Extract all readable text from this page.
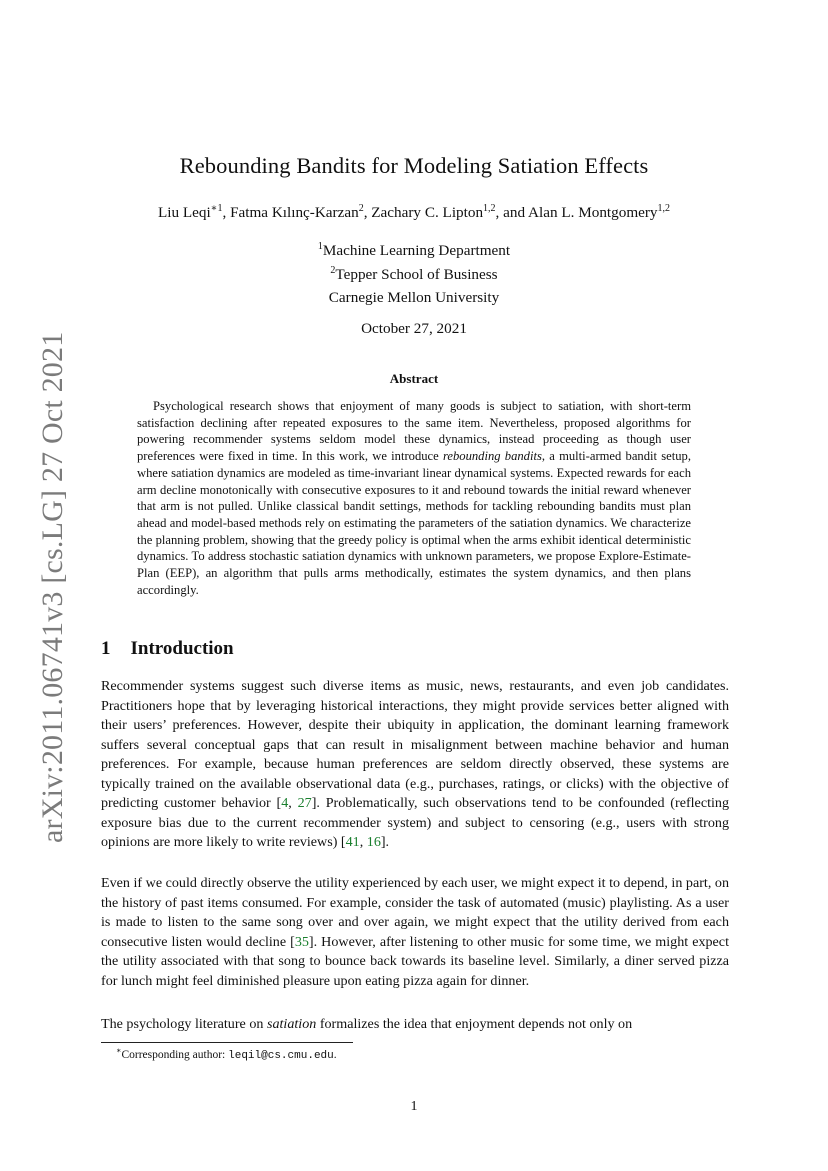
arXiv:2011.06741v3 [cs.LG] 27 Oct 2021
Rebounding Bandits for Modeling Satiation Effects
Liu Leqi$^{∗1}$, Fatma Kılınç-Karzan$^2$, Zachary C. Lipton$^{1,2}$, and Alan L. Montgomery$^{1,2}$
$^1$Machine Learning Department
$^2$Tepper School of Business
Carnegie Mellon University
October 27, 2021
Abstract
Psychological research shows that enjoyment of many goods is subject to satiation, with short-term satisfaction declining after repeated exposures to the same item. Nevertheless, proposed algorithms for powering recommender systems seldom model these dynamics, instead proceeding as though user preferences were fixed in time. In this work, we introduce rebounding bandits, a multi-armed bandit setup, where satiation dynamics are modeled as time-invariant linear dynamical systems. Expected rewards for each arm decline monotonically with consecutive exposures to it and rebound towards the initial reward whenever that arm is not pulled. Unlike classical bandit settings, methods for tackling rebounding bandits must plan ahead and model-based methods rely on estimating the parameters of the satiation dynamics. We characterize the planning problem, showing that the greedy policy is optimal when the arms exhibit identical deterministic dynamics. To address stochastic satiation dynamics with unknown parameters, we propose Explore-Estimate-Plan (EEP), an algorithm that pulls arms methodically, estimates the system dynamics, and then plans accordingly.
1 Introduction
Recommender systems suggest such diverse items as music, news, restaurants, and even job candidates. Practitioners hope that by leveraging historical interactions, they might provide services better aligned with their users’ preferences. However, despite their ubiquity in application, the dominant learning framework suffers several conceptual gaps that can result in misalignment between machine behavior and human preferences. For example, because human preferences are seldom directly observed, these systems are typically trained on the available observational data (e.g., purchases, ratings, or clicks) with the objective of predicting customer behavior [4, 27]. Problematically, such observations tend to be confounded (reflecting exposure bias due to the current recommender system) and subject to censoring (e.g., users with strong opinions are more likely to write reviews) [41, 16].
Even if we could directly observe the utility experienced by each user, we might expect it to depend, in part, on the history of past items consumed. For example, consider the task of automated (music) playlisting. As a user is made to listen to the same song over and over again, we might expect that the utility derived from each consecutive listen would decline [35]. However, after listening to other music for some time, we might expect the utility associated with that song to bounce back towards its baseline level. Similarly, a diner served pizza for lunch might feel diminished pleasure upon eating pizza again for dinner.
The psychology literature on satiation formalizes the idea that enjoyment depends not only on
∗Corresponding author: leqil@cs.cmu.edu.
1
